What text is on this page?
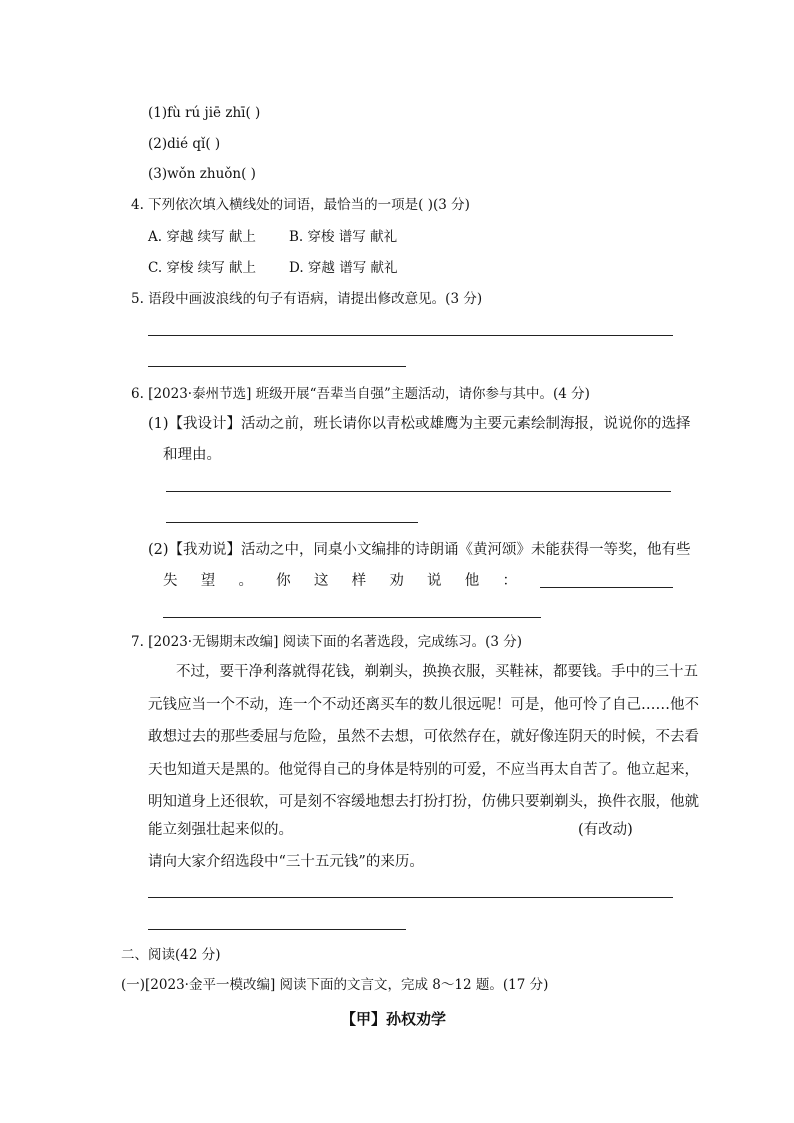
(1)fù rú jiē zhī( )
(2)dié qǐ( )
(3)wǒn zhuǒn( )
4. 下列依次填入横线处的词语，最恰当的一项是( )(3 分)
A. 穿越 续写 献上 B. 穿梭 谱写 献礼
C. 穿梭 续写 献上 D. 穿越 谱写 献礼
5. 语段中画波浪线的句子有语病，请提出修改意见。(3 分)
6. [2023·泰州节选] 班级开展“吾辈当自强”主题活动，请你参与其中。(4 分)
(1)【我设计】活动之前，班长请你以青松或雄鹰为主要元素绘制海报，说说你的选择
和理由。
(2)【我劝说】活动之中，同桌小文编排的诗朗诵《黄河颂》未能获得一等奖，他有些
失 望 。 你 这 样 劝 说 他 ：
7. [2023·无锡期末改编] 阅读下面的名著选段，完成练习。(3 分)
不过，要干净利落就得花钱，剃剃头，换换衣服，买鞋袜，都要钱。手中的三十五
元钱应当一个不动，连一个不动还离买车的数儿很远呢！可是，他可怜了自己……他不
敢想过去的那些委屈与危险，虽然不去想，可依然存在，就好像连阴天的时候，不去看
天也知道天是黑的。他觉得自己的身体是特别的可爱，不应当再太自苦了。他立起来，
明知道身上还很软，可是刻不容缓地想去打扮打扮，仿佛只要剃剃头，换件衣服，他就
能立刻强壮起来似的。	(有改动)
请向大家介绍选段中“三十五元钱”的来历。
二、阅读(42 分)
(一)[2023·金平一模改编] 阅读下面的文言文，完成 8～12 题。(17 分)
【甲】孙权劝学
